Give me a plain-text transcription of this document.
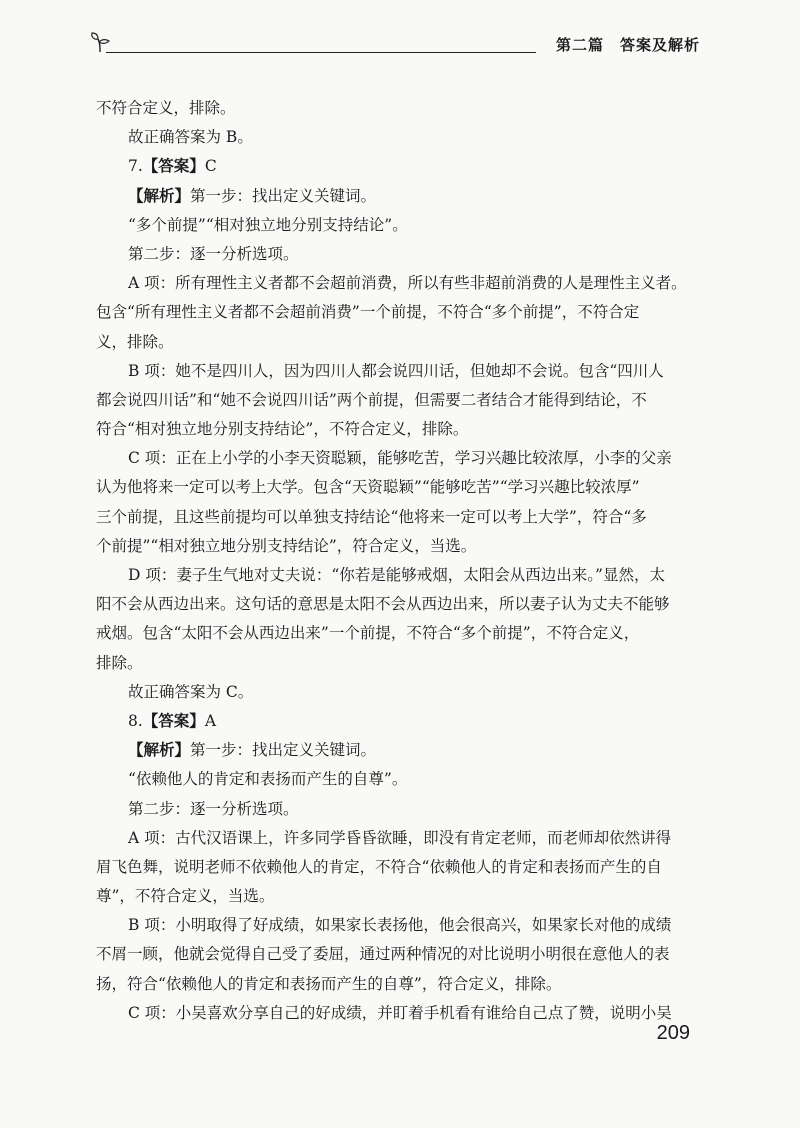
第二篇　答案及解析
不符合定义，排除。
故正确答案为 B。
7.【答案】C
【解析】第一步：找出定义关键词。
“多个前提”“相对独立地分别支持结论”。
第二步：逐一分析选项。
A 项：所有理性主义者都不会超前消费，所以有些非超前消费的人是理性主义者。
包含“所有理性主义者都不会超前消费”一个前提，不符合“多个前提”，不符合定
义，排除。
B 项：她不是四川人，因为四川人都会说四川话，但她却不会说。包含“四川人
都会说四川话”和“她不会说四川话”两个前提，但需要二者结合才能得到结论，不
符合“相对独立地分别支持结论”，不符合定义，排除。
C 项：正在上小学的小李天资聪颖，能够吃苦，学习兴趣比较浓厚，小李的父亲
认为他将来一定可以考上大学。包含“天资聪颖”“能够吃苦”“学习兴趣比较浓厚”
三个前提，且这些前提均可以单独支持结论“他将来一定可以考上大学”，符合“多
个前提”“相对独立地分别支持结论”，符合定义，当选。
D 项：妻子生气地对丈夫说：“你若是能够戒烟，太阳会从西边出来。”显然，太
阳不会从西边出来。这句话的意思是太阳不会从西边出来，所以妻子认为丈夫不能够
戒烟。包含“太阳不会从西边出来”一个前提，不符合“多个前提”，不符合定义，
排除。
故正确答案为 C。
8.【答案】A
【解析】第一步：找出定义关键词。
“依赖他人的肯定和表扬而产生的自尊”。
第二步：逐一分析选项。
A 项：古代汉语课上，许多同学昏昏欲睡，即没有肯定老师，而老师却依然讲得
眉飞色舞，说明老师不依赖他人的肯定，不符合“依赖他人的肯定和表扬而产生的自
尊”，不符合定义，当选。
B 项：小明取得了好成绩，如果家长表扬他，他会很高兴，如果家长对他的成绩
不屑一顾，他就会觉得自己受了委屈，通过两种情况的对比说明小明很在意他人的表
扬，符合“依赖他人的肯定和表扬而产生的自尊”，符合定义，排除。
C 项：小吴喜欢分享自己的好成绩，并盯着手机看有谁给自己点了赞，说明小吴
209
